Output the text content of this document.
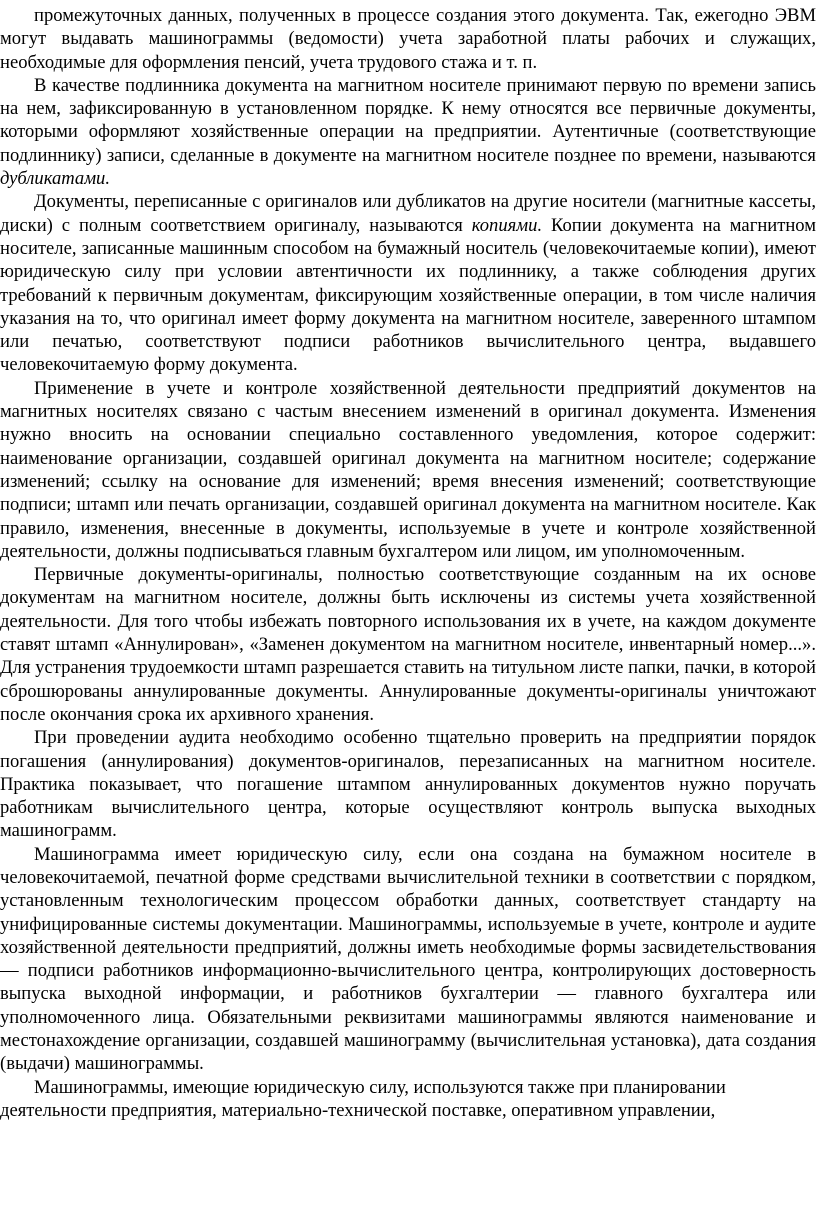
промежуточных данных, полученных в процессе создания этого документа. Так, ежегодно ЭВМ могут выдавать машинограммы (ведомости) учета заработной платы рабочих и служащих, необходимые для оформления пенсий, учета трудового стажа и т. п.

В качестве подлинника документа на магнитном носителе принимают первую по времени запись на нем, зафиксированную в установленном порядке. К нему относятся все первичные документы, которыми оформляют хозяйственные операции на предприятии. Аутентичные (соответствующие подлиннику) записи, сделанные в документе на магнитном носителе позднее по времени, называются дубликатами.

Документы, переписанные с оригиналов или дубликатов на другие носители (магнитные кассеты, диски) с полным соответствием оригиналу, называются копиями. Копии документа на магнитном носителе, записанные машинным способом на бумажный носитель (человекочитаемые копии), имеют юридическую силу при условии автентичности их подлиннику, а также соблюдения других требований к первичным документам, фиксирующим хозяйственные операции, в том числе наличия указания на то, что оригинал имеет форму документа на магнитном носителе, заверенного штампом или печатью, соответствуют подписи работников вычислительного центра, выдавшего человекочитаемую форму документа.

Применение в учете и контроле хозяйственной деятельности предприятий документов на магнитных носителях связано с частым внесением изменений в оригинал документа. Изменения нужно вносить на основании специально составленного уведомления, которое содержит: наименование организации, создавшей оригинал документа на магнитном носителе; содержание изменений; ссылку на основание для изменений; время внесения изменений; соответствующие подписи; штамп или печать организации, создавшей оригинал документа на магнитном носителе. Как правило, изменения, внесенные в документы, используемые в учете и контроле хозяйственной деятельности, должны подписываться главным бухгалтером или лицом, им уполномоченным.

Первичные документы-оригиналы, полностью соответствующие созданным на их основе документам на магнитном носителе, должны быть исключены из системы учета хозяйственной деятельности. Для того чтобы избежать повторного использования их в учете, на каждом документе ставят штамп «Аннулирован», «Заменен документом на магнитном носителе, инвентарный номер...». Для устранения трудоемкости штамп разрешается ставить на титульном листе папки, пачки, в которой сброшюрованы аннулированные документы. Аннулированные документы-оригиналы уничтожают после окончания срока их архивного хранения.

При проведении аудита необходимо особенно тщательно проверить на предприятии порядок погашения (аннулирования) документов-оригиналов, перезаписанных на магнитном носителе. Практика показывает, что погашение штампом аннулированных документов нужно поручать работникам вычислительного центра, которые осуществляют контроль выпуска выходных машинограмм.

Машинограмма имеет юридическую силу, если она создана на бумажном носителе в человекочитаемой, печатной форме средствами вычислительной техники в соответствии с порядком, установленным технологическим процессом обработки данных, соответствует стандарту на унифицированные системы документации. Машинограммы, используемые в учете, контроле и аудите хозяйственной деятельности предприятий, должны иметь необходимые формы засвидетельствования — подписи работников информационно-вычислительного центра, контролирующих достоверность выпуска выходной информации, и работников бухгалтерии — главного бухгалтера или уполномоченного лица. Обязательными реквизитами машинограммы являются наименование и местонахождение организации, создавшей машинограмму (вычислительная установка), дата создания (выдачи) машинограммы.

Машинограммы, имеющие юридическую силу, используются также при планировании деятельности предприятия, материально-технической поставке, оперативном управлении,
